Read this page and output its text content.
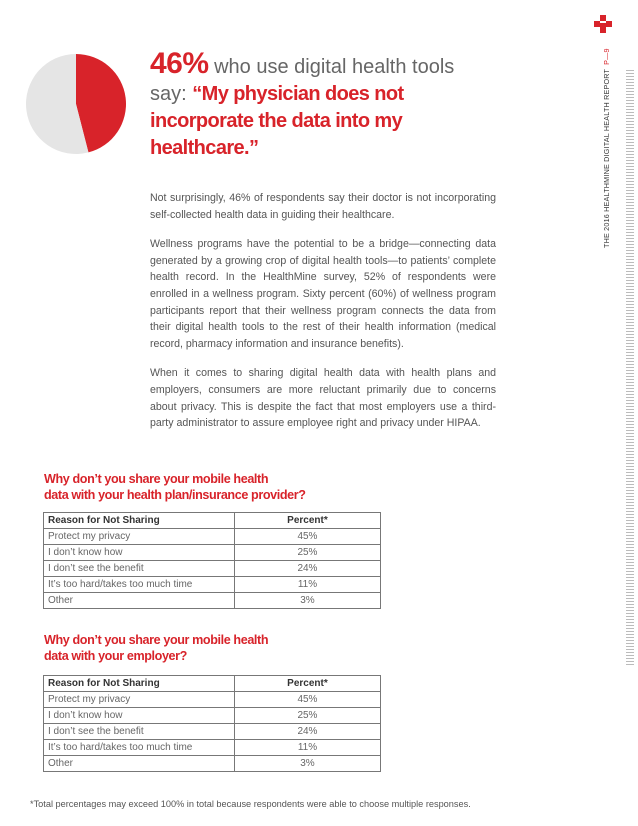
46% who use digital health tools say: “My physician does not incorporate the data into my healthcare.”

Not surprisingly, 46% of respondents say their doctor is not incorporating self-collected health data in guiding their healthcare.

Wellness programs have the potential to be a bridge—connecting data generated by a growing crop of digital health tools—to patients’ complete health record. In the HealthMine survey, 52% of respondents were enrolled in a wellness program. Sixty percent (60%) of wellness program participants report that their wellness program connects the data from their digital health tools to the rest of their health information (medical record, pharmacy information and insurance benefits).

When it comes to sharing digital health data with health plans and employers, consumers are more reluctant primarily due to concerns about privacy. This is despite the fact that most employers use a third-party administrator to assure employee right and privacy under HIPAA.

THE 2016 HEALTHMINE DIGITAL HEALTH REPORTP—9
Why don’t you share your mobile health
data with your health plan/insurance provider?
Reason for Not Sharing	Percent*
Protect my privacy	45%
I don’t know how	25%
I don’t see the benefit	24%
It’s too hard/takes too much time	11%
Other	3%
Why don’t you share your mobile health
data with your employer?
Reason for Not Sharing	Percent*
Protect my privacy	45%
I don’t know how	25%
I don’t see the benefit	24%
It’s too hard/takes too much time	11%
Other	3%
*Total percentages may exceed 100% in total because respondents were able to choose multiple responses.
